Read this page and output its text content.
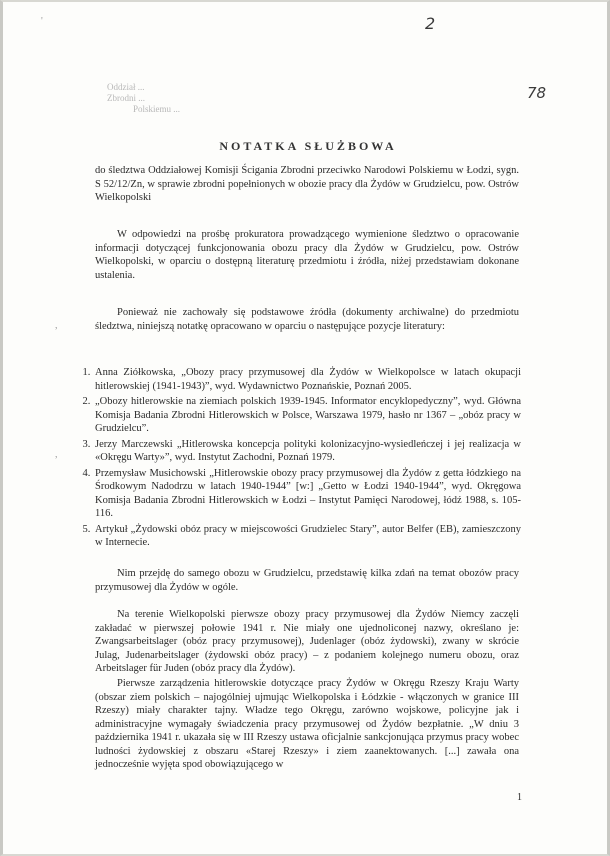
'	2
78
Oddział ...
Zbrodni ...
Polskiemu ...
NOTATKA SŁUŻBOWA
do śledztwa Oddziałowej Komisji Ścigania Zbrodni przeciwko Narodowi Polskiemu w Łodzi, sygn. S 52/12/Zn, w sprawie zbrodni popełnionych w obozie pracy dla Żydów w Grudzielcu, pow. Ostrów Wielkopolski
W odpowiedzi na prośbę prokuratora prowadzącego wymienione śledztwo o opracowanie informacji dotyczącej funkcjonowania obozu pracy dla Żydów w Grudzielcu, pow. Ostrów Wielkopolski, w oparciu o dostępną literaturę przedmiotu i źródła, niżej przedstawiam dokonane ustalenia.
Ponieważ nie zachowały się podstawowe źródła (dokumenty archiwalne) do przedmiotu śledztwa, niniejszą notatkę opracowano w oparciu o następujące pozycje literatury:
,
,
1. Anna Ziółkowska, „Obozy pracy przymusowej dla Żydów w Wielkopolsce w latach okupacji hitlerowskiej (1941-1943)”, wyd. Wydawnictwo Poznańskie, Poznań 2005.
2. „Obozy hitlerowskie na ziemiach polskich 1939-1945. Informator encyklopedyczny”, wyd. Główna Komisja Badania Zbrodni Hitlerowskich w Polsce, Warszawa 1979, hasło nr 1367 – „obóz pracy w Grudzielcu”.
3. Jerzy Marczewski „Hitlerowska koncepcja polityki kolonizacyjno-wysiedleńczej i jej realizacja w «Okręgu Warty»”, wyd. Instytut Zachodni, Poznań 1979.
4. Przemysław Musichowski „Hitlerowskie obozy pracy przymusowej dla Żydów z getta łódzkiego na Środkowym Nadodrzu w latach 1940-1944” [w:] „Getto w Łodzi 1940-1944”, wyd. Okręgowa Komisja Badania Zbrodni Hitlerowskich w Łodzi – Instytut Pamięci Narodowej, łódź 1988, s. 105-116.
5. Artykuł „Żydowski obóz pracy w miejscowości Grudzielec Stary”, autor Belfer (EB), zamieszczony w Internecie.
Nim przejdę do samego obozu w Grudzielcu, przedstawię kilka zdań na temat obozów pracy przymusowej dla Żydów w ogóle.
Na terenie Wielkopolski pierwsze obozy pracy przymusowej dla Żydów Niemcy zaczęli zakładać w pierwszej połowie 1941 r. Nie miały one ujednoliconej nazwy, określano je: Zwangsarbeitslager (obóz pracy przymusowej), Judenlager (obóz żydowski), zwany w skrócie Julag, Judenarbeitslager (żydowski obóz pracy) – z podaniem kolejnego numeru obozu, oraz Arbeitslager für Juden (obóz pracy dla Żydów).
Pierwsze zarządzenia hitlerowskie dotyczące pracy Żydów w Okręgu Rzeszy Kraju Warty (obszar ziem polskich – najogólniej ujmując Wielkopolska i Łódzkie - włączonych w granice III Rzeszy) miały charakter tajny. Władze tego Okręgu, zarówno wojskowe, policyjne jak i administracyjne wymagały świadczenia pracy przymusowej od Żydów bezpłatnie. „W dniu 3 października 1941 r. ukazała się w III Rzeszy ustawa oficjalnie sankcjonująca przymus pracy wobec ludności żydowskiej z obszaru «Starej Rzeszy» i ziem zaanektowanych. [...] zawała ona jednocześnie wyjęta spod obowiązującego w
1
